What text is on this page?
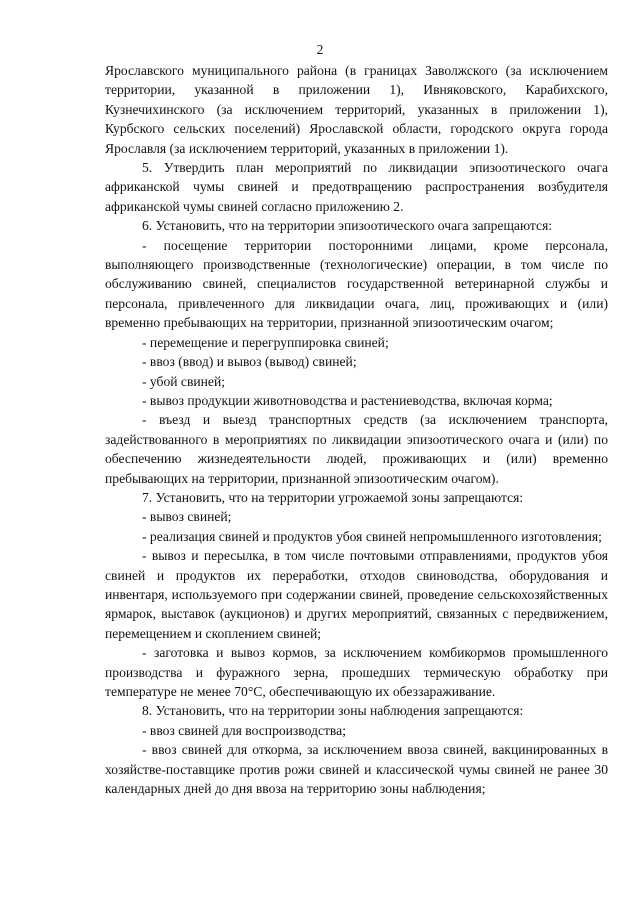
2

Ярославского муниципального района (в границах Заволжского (за исключением территории, указанной в приложении 1), Ивняковского, Карабихского, Кузнечихинского (за исключением территорий, указанных в приложении 1), Курбского сельских поселений) Ярославской области, городского округа города Ярославля (за исключением территорий, указанных в приложении 1).

5. Утвердить план мероприятий по ликвидации эпизоотического очага африканской чумы свиней и предотвращению распространения возбудителя африканской чумы свиней согласно приложению 2.

6. Установить, что на территории эпизоотического очага запрещаются:

- посещение территории посторонними лицами, кроме персонала, выполняющего производственные (технологические) операции, в том числе по обслуживанию свиней, специалистов государственной ветеринарной службы и персонала, привлеченного для ликвидации очага, лиц, проживающих и (или) временно пребывающих на территории, признанной эпизоотическим очагом;

- перемещение и перегруппировка свиней;

- ввоз (ввод) и вывоз (вывод) свиней;

- убой свиней;

- вывоз продукции животноводства и растениеводства, включая корма;

- въезд и выезд транспортных средств (за исключением транспорта, задействованного в мероприятиях по ликвидации эпизоотического очага и (или) по обеспечению жизнедеятельности людей, проживающих и (или) временно пребывающих на территории, признанной эпизоотическим очагом).

7. Установить, что на территории угрожаемой зоны запрещаются:

- вывоз свиней;

- реализация свиней и продуктов убоя свиней непромышленного изготовления;

- вывоз и пересылка, в том числе почтовыми отправлениями, продуктов убоя свиней и продуктов их переработки, отходов свиноводства, оборудования и инвентаря, используемого при содержании свиней, проведение сельскохозяйственных ярмарок, выставок (аукционов) и других мероприятий, связанных с передвижением, перемещением и скоплением свиней;

- заготовка и вывоз кормов, за исключением комбикормов промышленного производства и фуражного зерна, прошедших термическую обработку при температуре не менее 70°С, обеспечивающую их обеззараживание.

8. Установить, что на территории зоны наблюдения запрещаются:

- ввоз свиней для воспроизводства;

- ввоз свиней для откорма, за исключением ввоза свиней, вакцинированных в хозяйстве-поставщике против рожи свиней и классической чумы свиней не ранее 30 календарных дней до дня ввоза на территорию зоны наблюдения;
